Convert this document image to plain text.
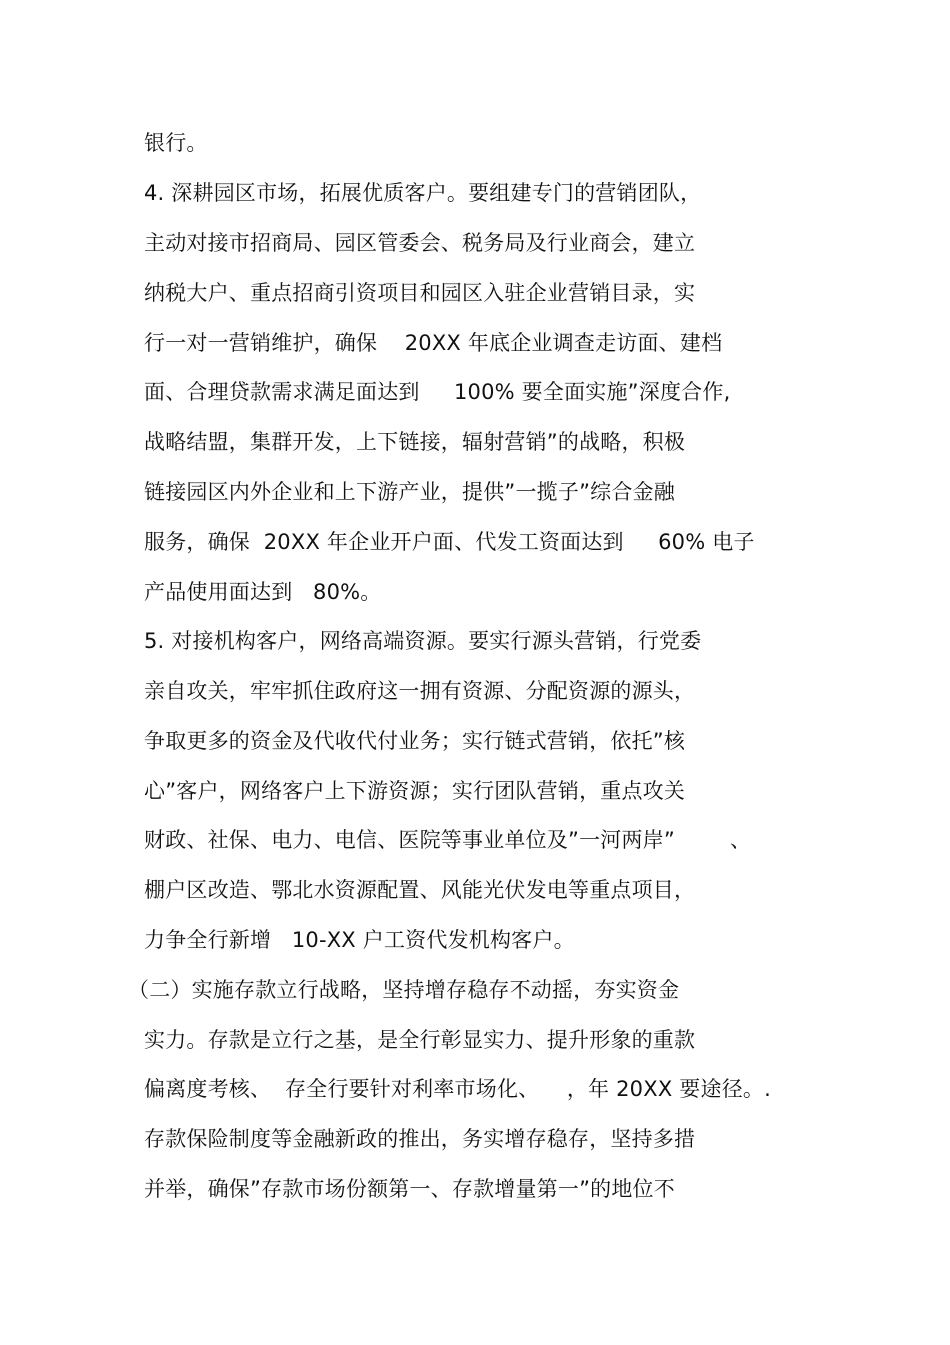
银行。
4. 深耕园区市场，拓展优质客户。要组建专门的营销团队，
主动对接市招商局、园区管委会、税务局及行业商会，建立
纳税大户、重点招商引资项目和园区入驻企业营销目录，实
行一对一营销维护，确保    20XX 年底企业调查走访面、建档
面、合理贷款需求满足面达到     100% 要全面实施”深度合作,
战略结盟，集群开发，上下链接，辐射营销”的战略，积极
链接园区内外企业和上下游产业，提供”一揽子”综合金融
服务，确保  20XX 年企业开户面、代发工资面达到     60% 电子
产品使用面达到   80%。
5. 对接机构客户，网络高端资源。要实行源头营销，行党委
亲自攻关，牢牢抓住政府这一拥有资源、分配资源的源头，
争取更多的资金及代收代付业务；实行链式营销，依托”核
心”客户，网络客户上下游资源；实行团队营销，重点攻关
财政、社保、电力、电信、医院等事业单位及”一河两岸”        、
棚户区改造、鄂北水资源配置、风能光伏发电等重点项目，
力争全行新增   10-XX 户工资代发机构客户。
（二）实施存款立行战略，坚持增存稳存不动摇，夯实资金
实力。存款是立行之基，是全行彰显实力、提升形象的重款
偏离度考核、  存全行要针对利率市场化、    ，年 20XX 要途径。.
存款保险制度等金融新政的推出，务实增存稳存，坚持多措
并举，确保”存款市场份额第一、存款增量第一”的地位不
